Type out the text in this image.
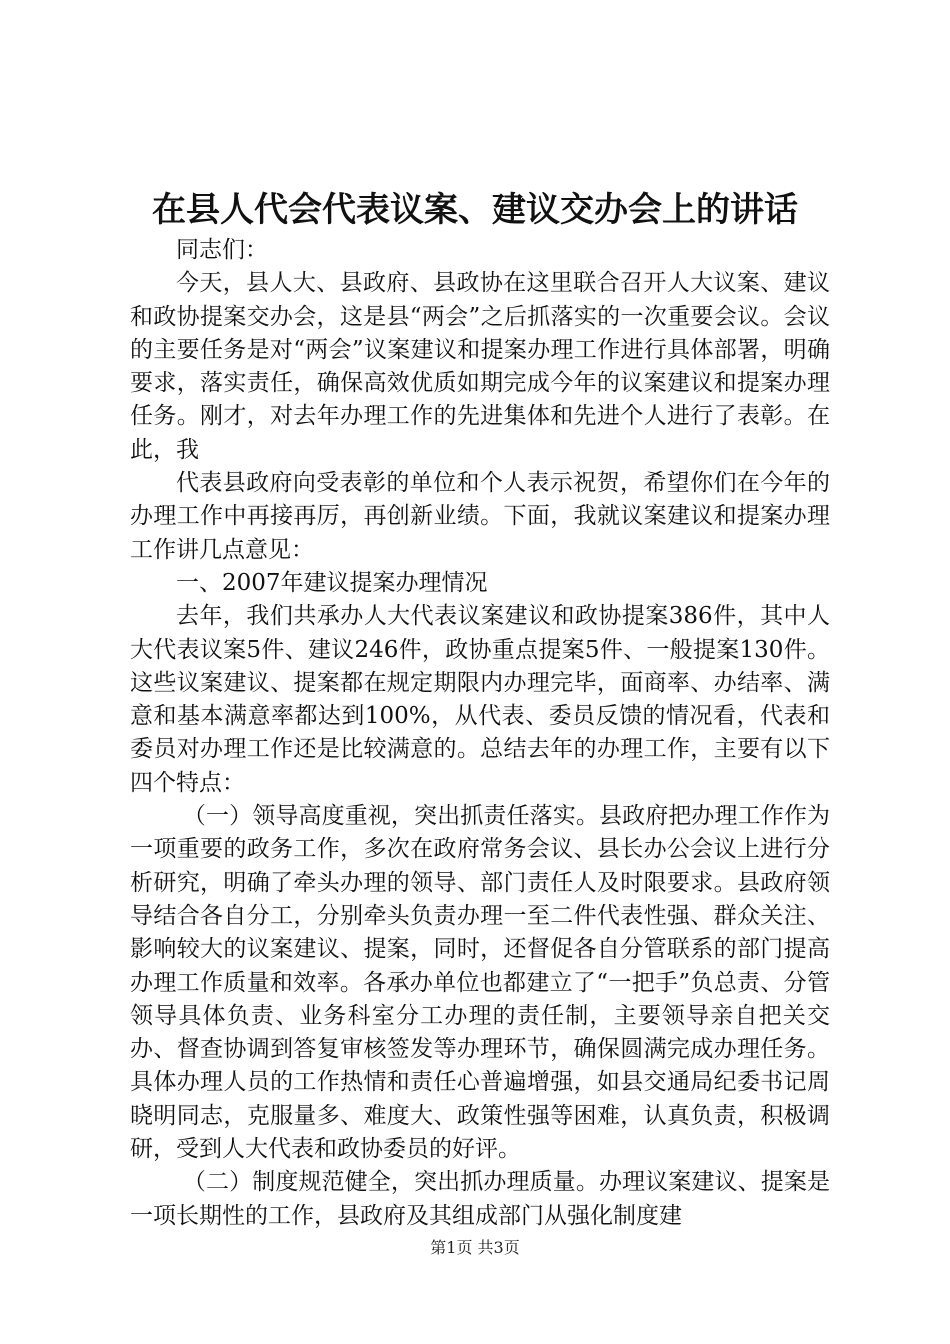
在县人代会代表议案、建议交办会上的讲话

同志们：

今天，县人大、县政府、县政协在这里联合召开人大议案、建议和政协提案交办会，这是县“两会”之后抓落实的一次重要会议。会议的主要任务是对“两会”议案建议和提案办理工作进行具体部署，明确要求，落实责任，确保高效优质如期完成今年的议案建议和提案办理任务。刚才，对去年办理工作的先进集体和先进个人进行了表彰。在此，我

代表县政府向受表彰的单位和个人表示祝贺，希望你们在今年的办理工作中再接再厉，再创新业绩。下面，我就议案建议和提案办理工作讲几点意见：

一、2007年建议提案办理情况

去年，我们共承办人大代表议案建议和政协提案386件，其中人大代表议案5件、建议246件，政协重点提案5件、一般提案130件。这些议案建议、提案都在规定期限内办理完毕，面商率、办结率、满意和基本满意率都达到100%，从代表、委员反馈的情况看，代表和委员对办理工作还是比较满意的。总结去年的办理工作，主要有以下四个特点：

（一）领导高度重视，突出抓责任落实。县政府把办理工作作为一项重要的政务工作，多次在政府常务会议、县长办公会议上进行分析研究，明确了牵头办理的领导、部门责任人及时限要求。县政府领导结合各自分工，分别牵头负责办理一至二件代表性强、群众关注、影响较大的议案建议、提案，同时，还督促各自分管联系的部门提高办理工作质量和效率。各承办单位也都建立了“一把手”负总责、分管领导具体负责、业务科室分工办理的责任制，主要领导亲自把关交办、督查协调到答复审核签发等办理环节，确保圆满完成办理任务。具体办理人员的工作热情和责任心普遍增强，如县交通局纪委书记周晓明同志，克服量多、难度大、政策性强等困难，认真负责，积极调研，受到人大代表和政协委员的好评。

（二）制度规范健全，突出抓办理质量。办理议案建议、提案是一项长期性的工作，县政府及其组成部门从强化制度建

第1页 共3页
